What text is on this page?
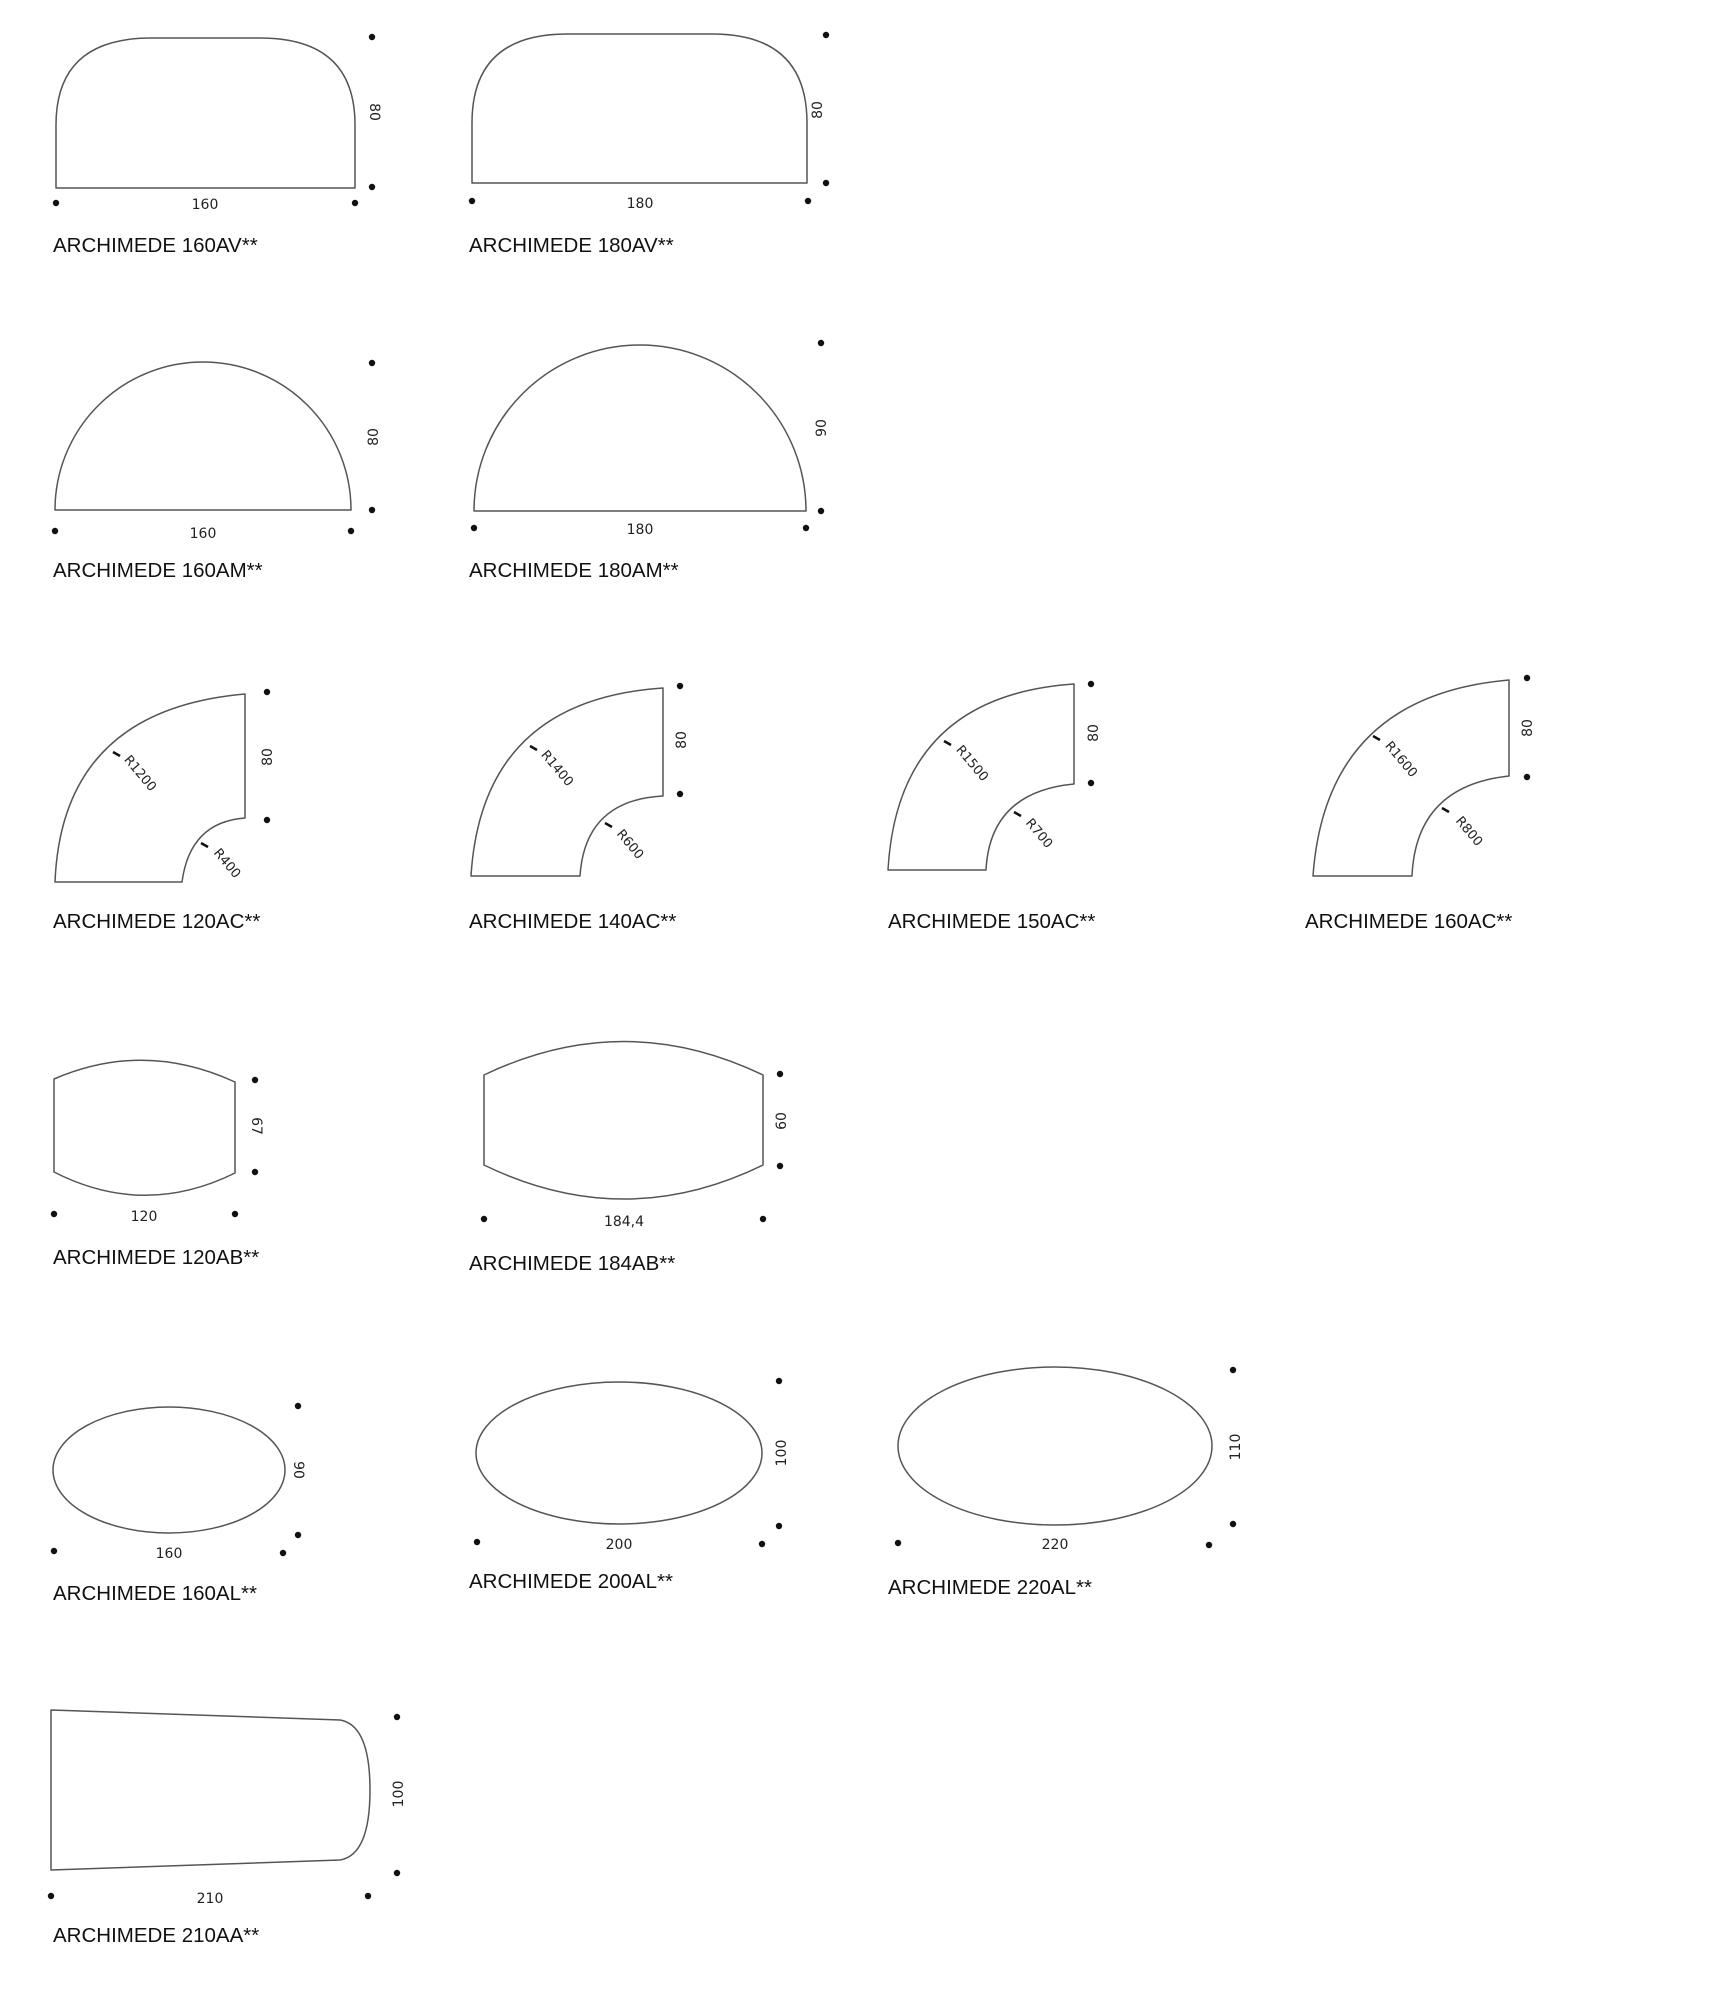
160
80
ARCHIMEDE 160AV**
180
80
ARCHIMEDE 180AV**
160
80
ARCHIMEDE 160AM**
180
90
ARCHIMEDE 180AM**
R1200
R400
80
ARCHIMEDE 120AC**
R1400
R600
80
ARCHIMEDE 140AC**
R1500
R700
80
ARCHIMEDE 150AC**
R1600
R800
80
ARCHIMEDE 160AC**
120
67
ARCHIMEDE 120AB**
184,4
60
ARCHIMEDE 184AB**
160
90
ARCHIMEDE 160AL**
200
100
ARCHIMEDE 200AL**
220
110
ARCHIMEDE 220AL**
210
100
ARCHIMEDE 210AA**
